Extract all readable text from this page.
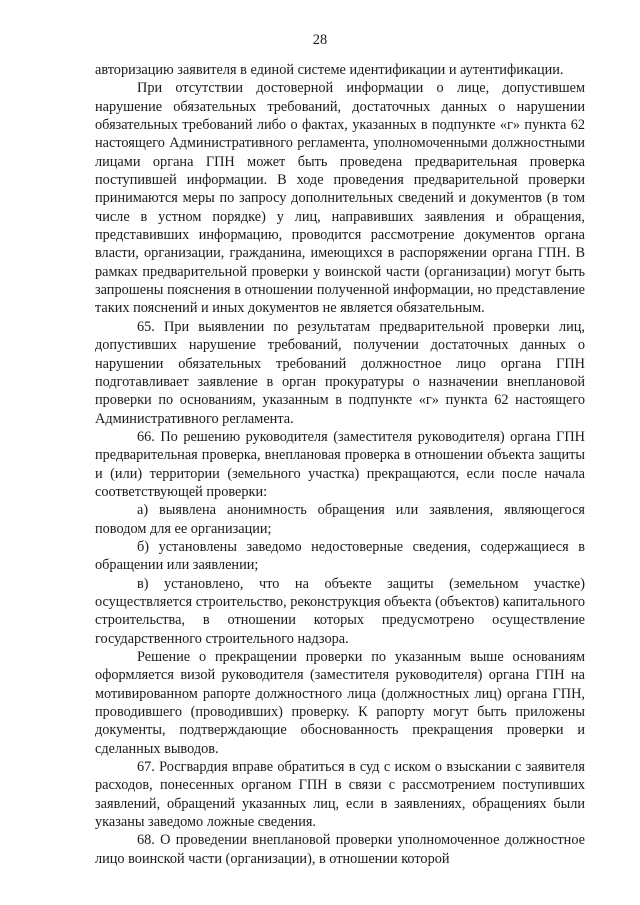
28

авторизацию заявителя в единой системе идентификации и аутентификации.

При отсутствии достоверной информации о лице, допустившем нарушение обязательных требований, достаточных данных о нарушении обязательных требований либо о фактах, указанных в подпункте «г» пункта 62 настоящего Административного регламента, уполномоченными должностными лицами органа ГПН может быть проведена предварительная проверка поступившей информации. В ходе проведения предварительной проверки принимаются меры по запросу дополнительных сведений и документов (в том числе в устном порядке) у лиц, направивших заявления и обращения, представивших информацию, проводится рассмотрение документов органа власти, организации, гражданина, имеющихся в распоряжении органа ГПН. В рамках предварительной проверки у воинской части (организации) могут быть запрошены пояснения в отношении полученной информации, но представление таких пояснений и иных документов не является обязательным.

65. При выявлении по результатам предварительной проверки лиц, допустивших нарушение требований, получении достаточных данных о нарушении обязательных требований должностное лицо органа ГПН подготавливает заявление в орган прокуратуры о назначении внеплановой проверки по основаниям, указанным в подпункте «г» пункта 62 настоящего Административного регламента.

66. По решению руководителя (заместителя руководителя) органа ГПН предварительная проверка, внеплановая проверка в отношении объекта защиты и (или) территории (земельного участка) прекращаются, если после начала соответствующей проверки:

а) выявлена анонимность обращения или заявления, являющегося поводом для ее организации;

б) установлены заведомо недостоверные сведения, содержащиеся в обращении или заявлении;

в) установлено, что на объекте защиты (земельном участке) осуществляется строительство, реконструкция объекта (объектов) капитального строительства, в отношении которых предусмотрено осуществление государственного строительного надзора.

Решение о прекращении проверки по указанным выше основаниям оформляется визой руководителя (заместителя руководителя) органа ГПН на мотивированном рапорте должностного лица (должностных лиц) органа ГПН, проводившего (проводивших) проверку. К рапорту могут быть приложены документы, подтверждающие обоснованность прекращения проверки и сделанных выводов.

67. Росгвардия вправе обратиться в суд с иском о взыскании с заявителя расходов, понесенных органом ГПН в связи с рассмотрением поступивших заявлений, обращений указанных лиц, если в заявлениях, обращениях были указаны заведомо ложные сведения.

68. О проведении внеплановой проверки уполномоченное должностное лицо воинской части (организации), в отношении которой
